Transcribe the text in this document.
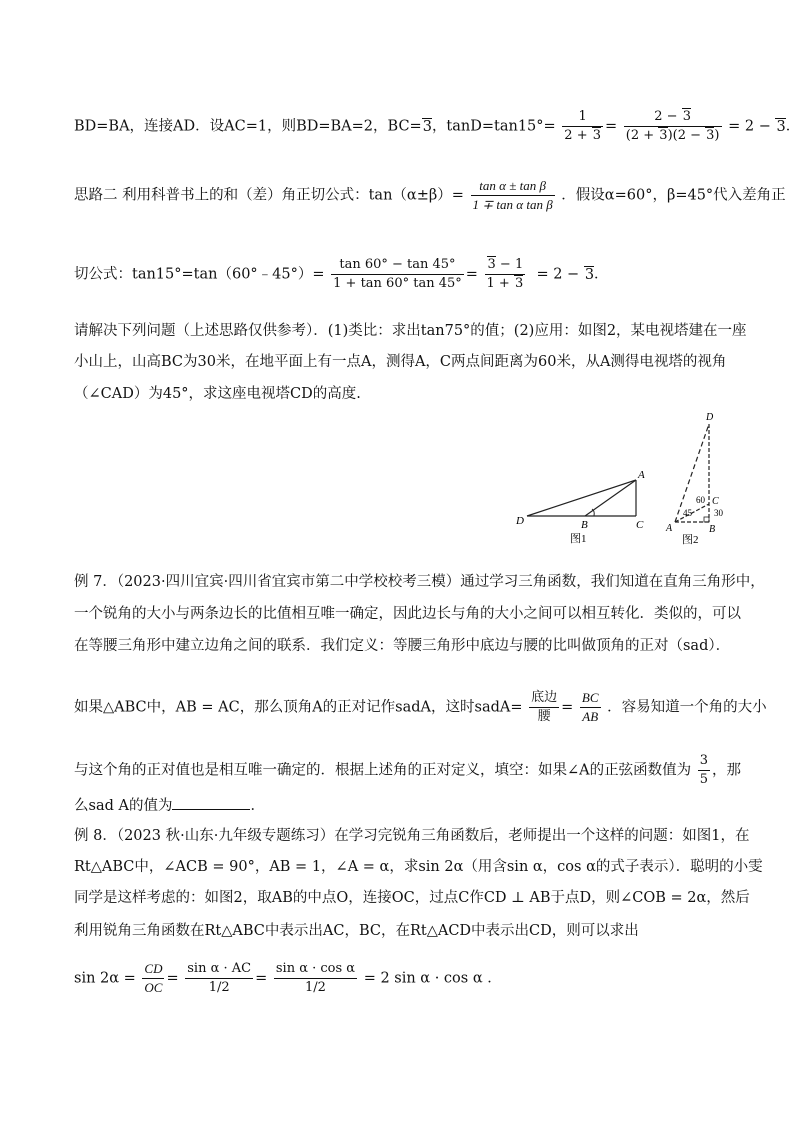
BD=BA，连接AD．设AC=1，则BD=BA=2，BC=3，$\tan D=\tan 15^\circ= \frac{1}{2 + 3} = \frac{2 - 3}{(2 + 3)(2 - 3)} = 2 - 3$．
思路二 利用科普书上的和（差）角正切公式：$\tan(\alpha\pm\beta)= \frac{\text{tan α ± tan β}}{\text{1 ∓ tan α tan β}}$ ．假设α=60°，β=45°代入差角正
切公式：tan15°=tan（60°﹣45°）= $\frac{\tan 60^\circ - \tan 45^\circ}{1 + \tan 60^\circ \tan 45^\circ} = \frac{3 - 1}{1 + 3} = 2 - 3$．
请解决下列问题（上述思路仅供参考）．(1)类比：求出tan75°的值；(2)应用：如图2，某电视塔建在一座
小山上，山高BC为30米，在地平面上有一点A，测得A，C两点间距离为60米，从A测得电视塔的视角
（∠CAD）为45°，求这座电视塔CD的高度.
D	B	C
A
图1
D
C
A	B
45
60
30
图2
例 7．（2023·四川宜宾·四川省宜宾市第二中学校校考三模）通过学习三角函数，我们知道在直角三角形中，
一个锐角的大小与两条边长的比值相互唯一确定，因此边长与角的大小之间可以相互转化．类似的，可以
在等腰三角形中建立边角之间的联系．我们定义：等腰三角形中底边与腰的比叫做顶角的正对（sad）．
如果△ABC中，AB = AC，那么顶角A的正对记作sadA，这时sadA= $\frac{\text{底边}}{\text{腰}} = \frac{BC}{AB}$ ．容易知道一个角的大小
与这个角的正对值也是相互唯一确定的．根据上述角的正对定义，填空：如果∠A的正弦函数值为 $\frac{3}{5}$ ，那
么sad A的值为	．
例 8．（2023 秋·山东·九年级专题练习）在学习完锐角三角函数后，老师提出一个这样的问题：如图1，在
Rt△ABC中，∠ACB = 90°，AB = 1，∠A = α，求sin 2α（用含sin α，cos α的式子表示）．聪明的小雯
同学是这样考虑的：如图2，取AB的中点O，连接OC，过点C作CD ⊥ AB于点D，则∠COB = 2α，然后
利用锐角三角函数在Rt△ABC中表示出AC，BC，在Rt△ACD中表示出CD，则可以求出
$\sin 2\alpha = \frac{CD}{OC} = \frac{\text{sin α · AC}}{1/2} = \frac{\text{sin α · cos α}}{1/2} = 2$ sin α · cos α ．
